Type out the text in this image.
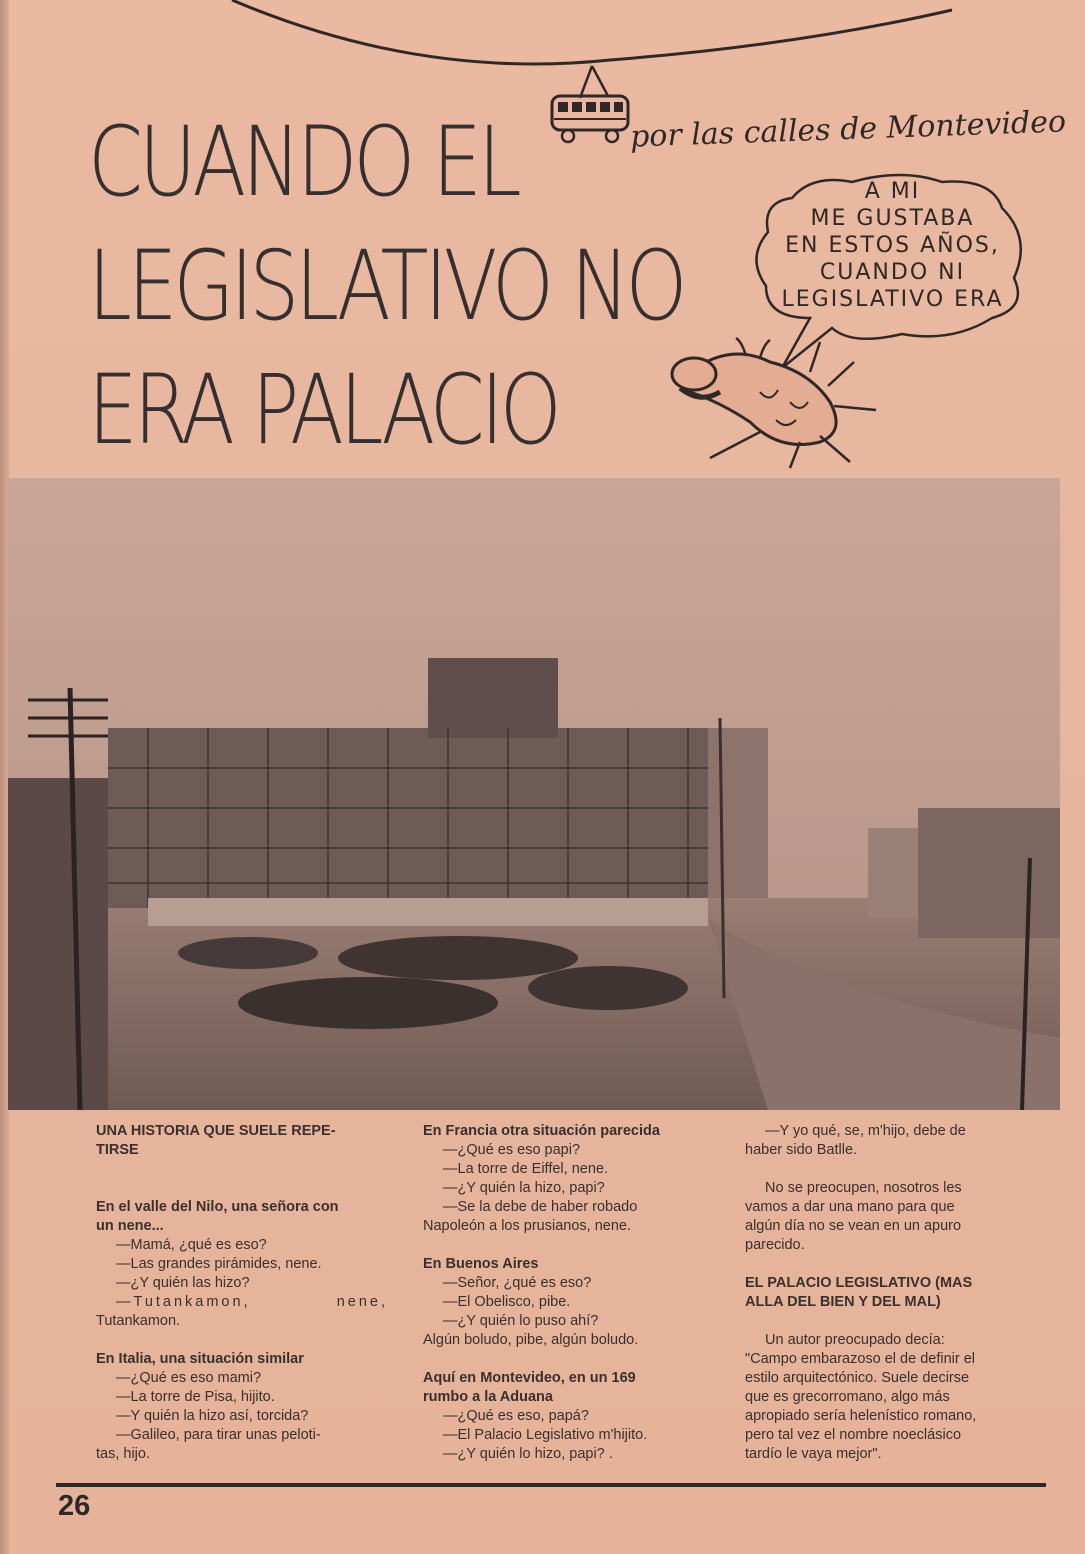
CUANDO EL
LEGISLATIVO NO
ERA PALACIO
por las calles de Montevideo
A MI
ME GUSTABA
EN ESTOS AÑOS,
CUANDO NI
LEGISLATIVO ERA

UNA HISTORIA QUE SUELE REPE-

TIRSE

En el valle del Nilo, una señora con

un nene...

—Mamá, ¿qué es eso?

—Las grandes pirámides, nene.

—¿Y quién las hizo?

—Tutankamon,	nene,

Tutankamon.

En Italia, una situación similar

—¿Qué es eso mami?

—La torre de Pisa, hijito.

—Y quién la hizo así, torcida?

—Galileo, para tirar unas peloti-

tas, hijo.

En Francia otra situación parecida

—¿Qué es eso papi?

—La torre de Eiffel, nene.

—¿Y quién la hizo, papi?

—Se la debe de haber robado

Napoleón a los prusianos, nene.

En Buenos Aires

—Señor, ¿qué es eso?

—El Obelisco, pibe.

—¿Y quién lo puso ahí?

Algún boludo, pibe, algún boludo.

Aquí en Montevideo, en un 169

rumbo a la Aduana

—¿Qué es eso, papá?

—El Palacio Legislativo m'hijito.

—¿Y quién lo hizo, papi? .

—Y yo qué, se, m'hijo, debe de

haber sido Batlle.

No se preocupen, nosotros les

vamos a dar una mano para que

algún día no se vean en un apuro

parecido.

EL PALACIO LEGISLATIVO (MAS

ALLA DEL BIEN Y DEL MAL)

Un autor preocupado decía:

"Campo embarazoso el de definir el

estilo arquitectónico. Suele decirse

que es grecorromano, algo más

apropiado sería helenístico romano,

pero tal vez el nombre noeclásico

tardío le vaya mejor".

26
